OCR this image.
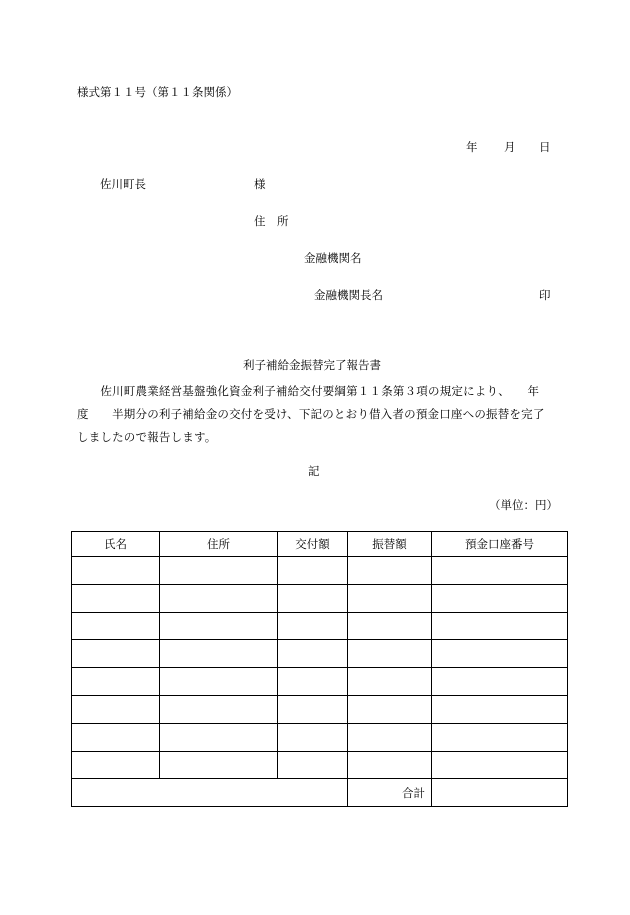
様式第１１号（第１１条関係）
年 月 日
佐川町長	様
住　所
金融機関名
金融機関長名	印
利子補給金振替完了報告書
　　佐川町農業経営基盤強化資金利子補給交付要綱第１１条第３項の規定により、　　年
度　　半期分の利子補給金の交付を受け、下記のとおり借入者の預金口座への振替を完了
しましたので報告します。
記
（単位：円）
氏名	住所	交付額	振替額	預金口座番号

			合計	
